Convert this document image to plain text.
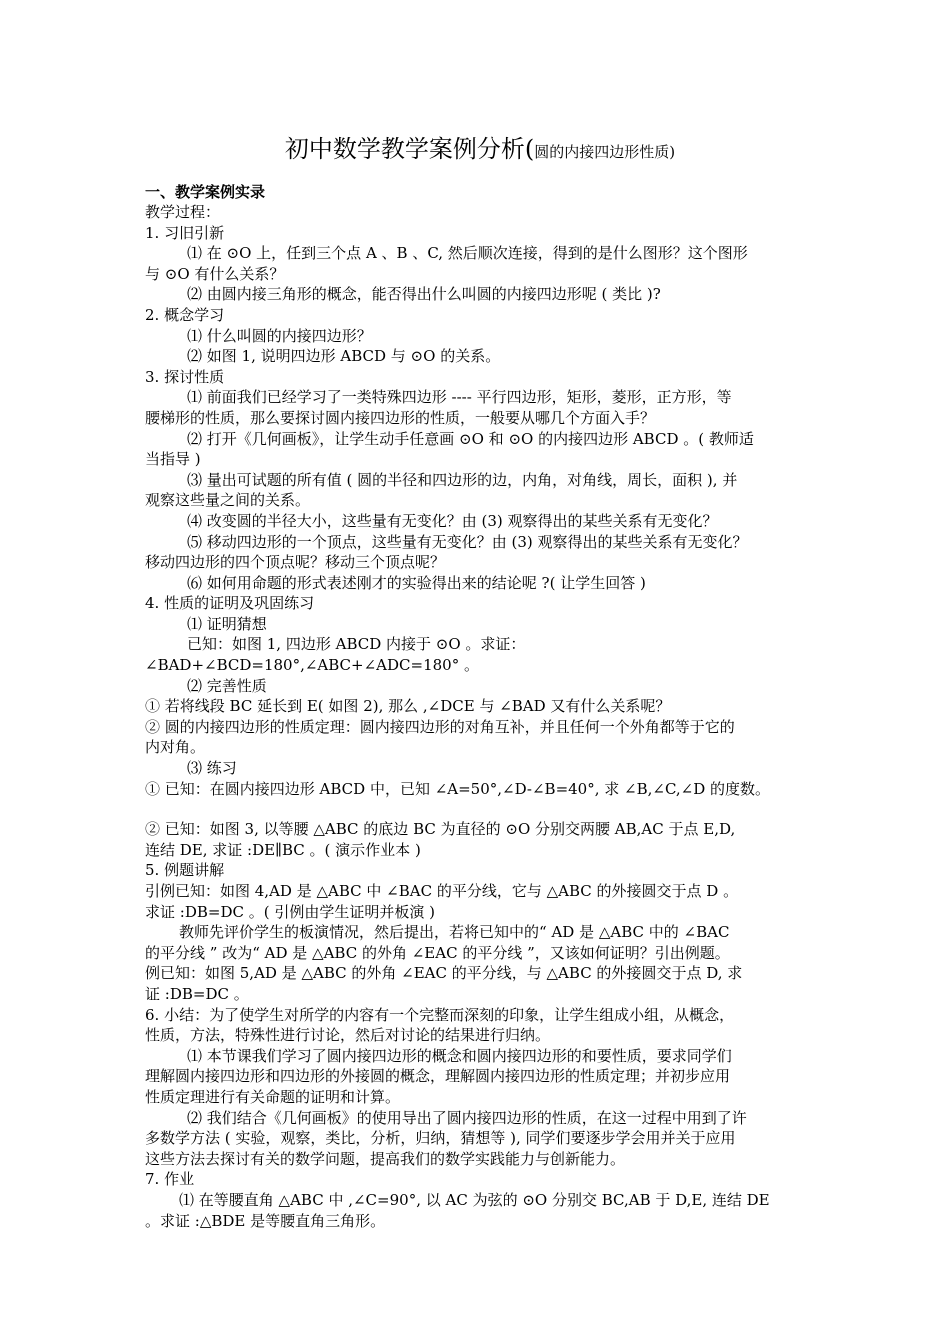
初中数学教学案例分析(圆的内接四边形性质)

一、教学案例实录

教学过程：

1. 习旧引新

⑴ 在 ⊙O 上，任到三个点 A 、B 、C, 然后顺次连接，得到的是什么图形？这个图形

与 ⊙O 有什么关系？

⑵ 由圆内接三角形的概念，能否得出什么叫圆的内接四边形呢 ( 类比 )?

2. 概念学习

⑴ 什么叫圆的内接四边形？

⑵ 如图 1, 说明四边形 ABCD 与 ⊙O 的关系。

3. 探讨性质

⑴ 前面我们已经学习了一类特殊四边形 ---- 平行四边形，矩形，菱形，正方形，等

腰梯形的性质，那么要探讨圆内接四边形的性质，一般要从哪几个方面入手？

⑵ 打开《几何画板》，让学生动手任意画 ⊙O 和 ⊙O 的内接四边形 ABCD 。( 教师适

当指导 )

⑶ 量出可试题的所有值 ( 圆的半径和四边形的边，内角，对角线，周长，面积 ), 并

观察这些量之间的关系。

⑷ 改变圆的半径大小，这些量有无变化？由 (3) 观察得出的某些关系有无变化？

⑸ 移动四边形的一个顶点，这些量有无变化？由 (3) 观察得出的某些关系有无变化？

移动四边形的四个顶点呢？移动三个顶点呢？

⑹ 如何用命题的形式表述刚才的实验得出来的结论呢 ?( 让学生回答 )

4. 性质的证明及巩固练习

⑴ 证明猜想

已知：如图 1, 四边形 ABCD 内接于 ⊙O 。求证：

∠BAD+∠BCD=180°,∠ABC+∠ADC=180° 。

⑵ 完善性质

① 若将线段 BC 延长到 E( 如图 2), 那么 ,∠DCE 与 ∠BAD 又有什么关系呢？

② 圆的内接四边形的性质定理：圆内接四边形的对角互补，并且任何一个外角都等于它的

内对角。

⑶ 练习

① 已知：在圆内接四边形 ABCD 中，已知 ∠A=50°,∠D-∠B=40°, 求 ∠B,∠C,∠D 的度数。

② 已知：如图 3, 以等腰 △ABC 的底边 BC 为直径的 ⊙O 分别交两腰 AB,AC 于点 E,D,

连结 DE, 求证 :DE∥BC 。( 演示作业本 )

5. 例题讲解

引例已知：如图 4,AD 是 △ABC 中 ∠BAC 的平分线，它与 △ABC 的外接圆交于点 D 。

求证 :DB=DC 。( 引例由学生证明并板演 )

教师先评价学生的板演情况，然后提出，若将已知中的“ AD 是 △ABC 中的 ∠BAC

的平分线 ” 改为“ AD 是 △ABC 的外角 ∠EAC 的平分线 ”，又该如何证明？引出例题。

例已知：如图 5,AD 是 △ABC 的外角 ∠EAC 的平分线，与 △ABC 的外接圆交于点 D, 求

证 :DB=DC 。

6. 小结：为了使学生对所学的内容有一个完整而深刻的印象，让学生组成小组，从概念，

性质，方法，特殊性进行讨论，然后对讨论的结果进行归纳。

⑴ 本节课我们学习了圆内接四边形的概念和圆内接四边形的和要性质，要求同学们

理解圆内接四边形和四边形的外接圆的概念，理解圆内接四边形的性质定理；并初步应用

性质定理进行有关命题的证明和计算。

⑵ 我们结合《几何画板》的使用导出了圆内接四边形的性质，在这一过程中用到了许

多数学方法 ( 实验，观察，类比，分析，归纳，猜想等 ), 同学们要逐步学会用并关于应用

这些方法去探讨有关的数学问题，提高我们的数学实践能力与创新能力。

7. 作业

⑴ 在等腰直角 △ABC 中 ,∠C=90°, 以 AC 为弦的 ⊙O 分别交 BC,AB 于 D,E, 连结 DE

。求证 :△BDE 是等腰直角三角形。
